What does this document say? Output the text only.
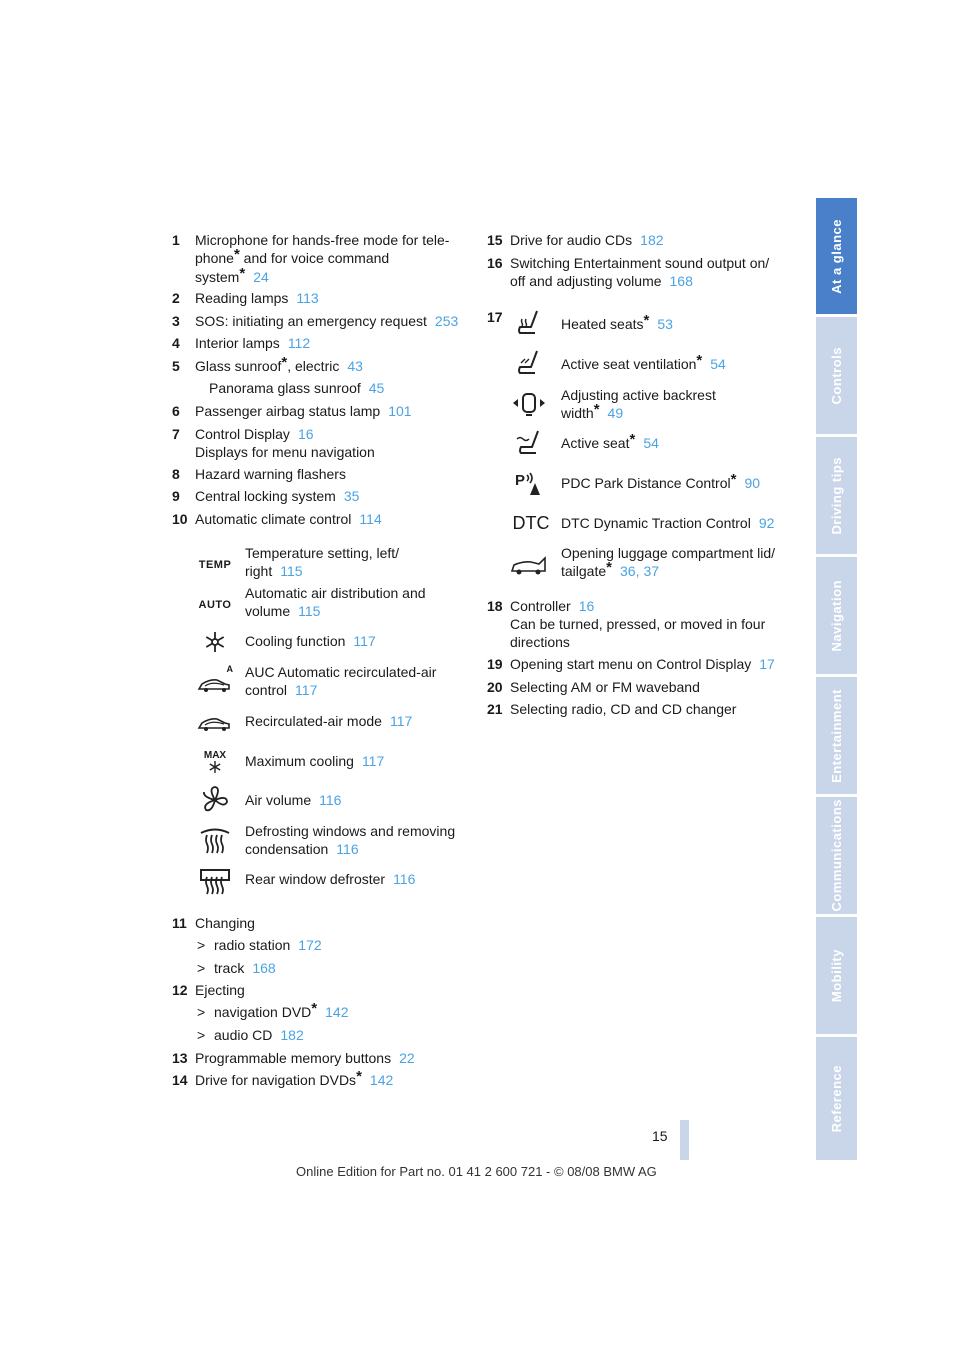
1 Microphone for hands-free mode for tele-
phone* and for voice command
system* 24
2 Reading lamps 113
3 SOS: initiating an emergency request 253
4 Interior lamps 112
5 Glass sunroof*, electric 43
Panorama glass sunroof 45
6 Passenger airbag status lamp 101
7 Control Display 16
Displays for menu navigation
8 Hazard warning flashers
9 Central locking system 35
10 Automatic climate control 114
TEMP
Temperature setting, left/
right 115
AUTO
Automatic air distribution and
volume 115
Cooling function 117
A AUC Automatic recirculated-air
control 117
Recirculated-air mode 117
MAX Maximum cooling 117
Air volume 116
Defrosting windows and removing
condensation 116
Rear window defroster 116
11 Changing
> radio station 172
> track 168
12 Ejecting
> navigation DVD* 142
> audio CD 182
13 Programmable memory buttons 22
14 Drive for navigation DVDs* 142
15 Drive for audio CDs 182
16 Switching Entertainment sound output on/
off and adjusting volume 168
17	Heated seats* 53
Active seat ventilation* 54
Adjusting active backrest
width* 49
Active seat* 54
P	PDC Park Distance Control* 90
DTC DTC Dynamic Traction Control 92
Opening luggage compartment lid/
tailgate* 36, 37
18 Controller 16
Can be turned, pressed, or moved in four
directions
19 Opening start menu on Control Display 17
20 Selecting AM or FM waveband
21 Selecting radio, CD and CD changer
At a glance
Controls
Driving tips
Navigation
Entertainment
Communications
Mobility
Reference
15
Online Edition for Part no. 01 41 2 600 721 - © 08/08 BMW AG
